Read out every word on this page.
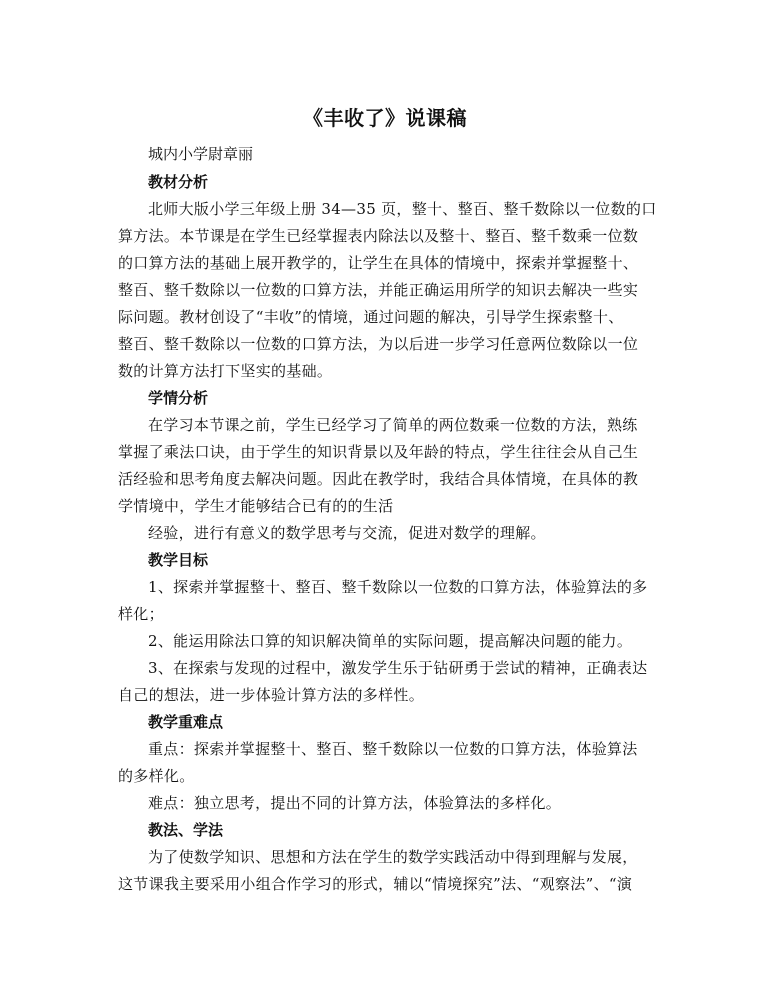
《丰收了》说课稿
城内小学尉章丽
教材分析
北师大版小学三年级上册 34—35 页，整十、整百、整千数除以一位数的口
算方法。本节课是在学生已经掌握表内除法以及整十、整百、整千数乘一位数
的口算方法的基础上展开教学的，让学生在具体的情境中，探索并掌握整十、
整百、整千数除以一位数的口算方法，并能正确运用所学的知识去解决一些实
际问题。教材创设了“丰收”的情境，通过问题的解决，引导学生探索整十、
整百、整千数除以一位数的口算方法，为以后进一步学习任意两位数除以一位
数的计算方法打下坚实的基础。
学情分析
在学习本节课之前，学生已经学习了简单的两位数乘一位数的方法，熟练
掌握了乘法口诀，由于学生的知识背景以及年龄的特点，学生往往会从自己生
活经验和思考角度去解决问题。因此在教学时，我结合具体情境，在具体的教
学情境中，学生才能够结合已有的的生活
经验，进行有意义的数学思考与交流，促进对数学的理解。
教学目标
1、探索并掌握整十、整百、整千数除以一位数的口算方法，体验算法的多
样化；
2、能运用除法口算的知识解决简单的实际问题，提高解决问题的能力。
3、在探索与发现的过程中，激发学生乐于钻研勇于尝试的精神，正确表达
自己的想法，进一步体验计算方法的多样性。
教学重难点
重点：探索并掌握整十、整百、整千数除以一位数的口算方法，体验算法
的多样化。
难点：独立思考，提出不同的计算方法，体验算法的多样化。
教法、学法
为了使数学知识、思想和方法在学生的数学实践活动中得到理解与发展，
这节课我主要采用小组合作学习的形式，辅以“情境探究”法、“观察法”、“演
